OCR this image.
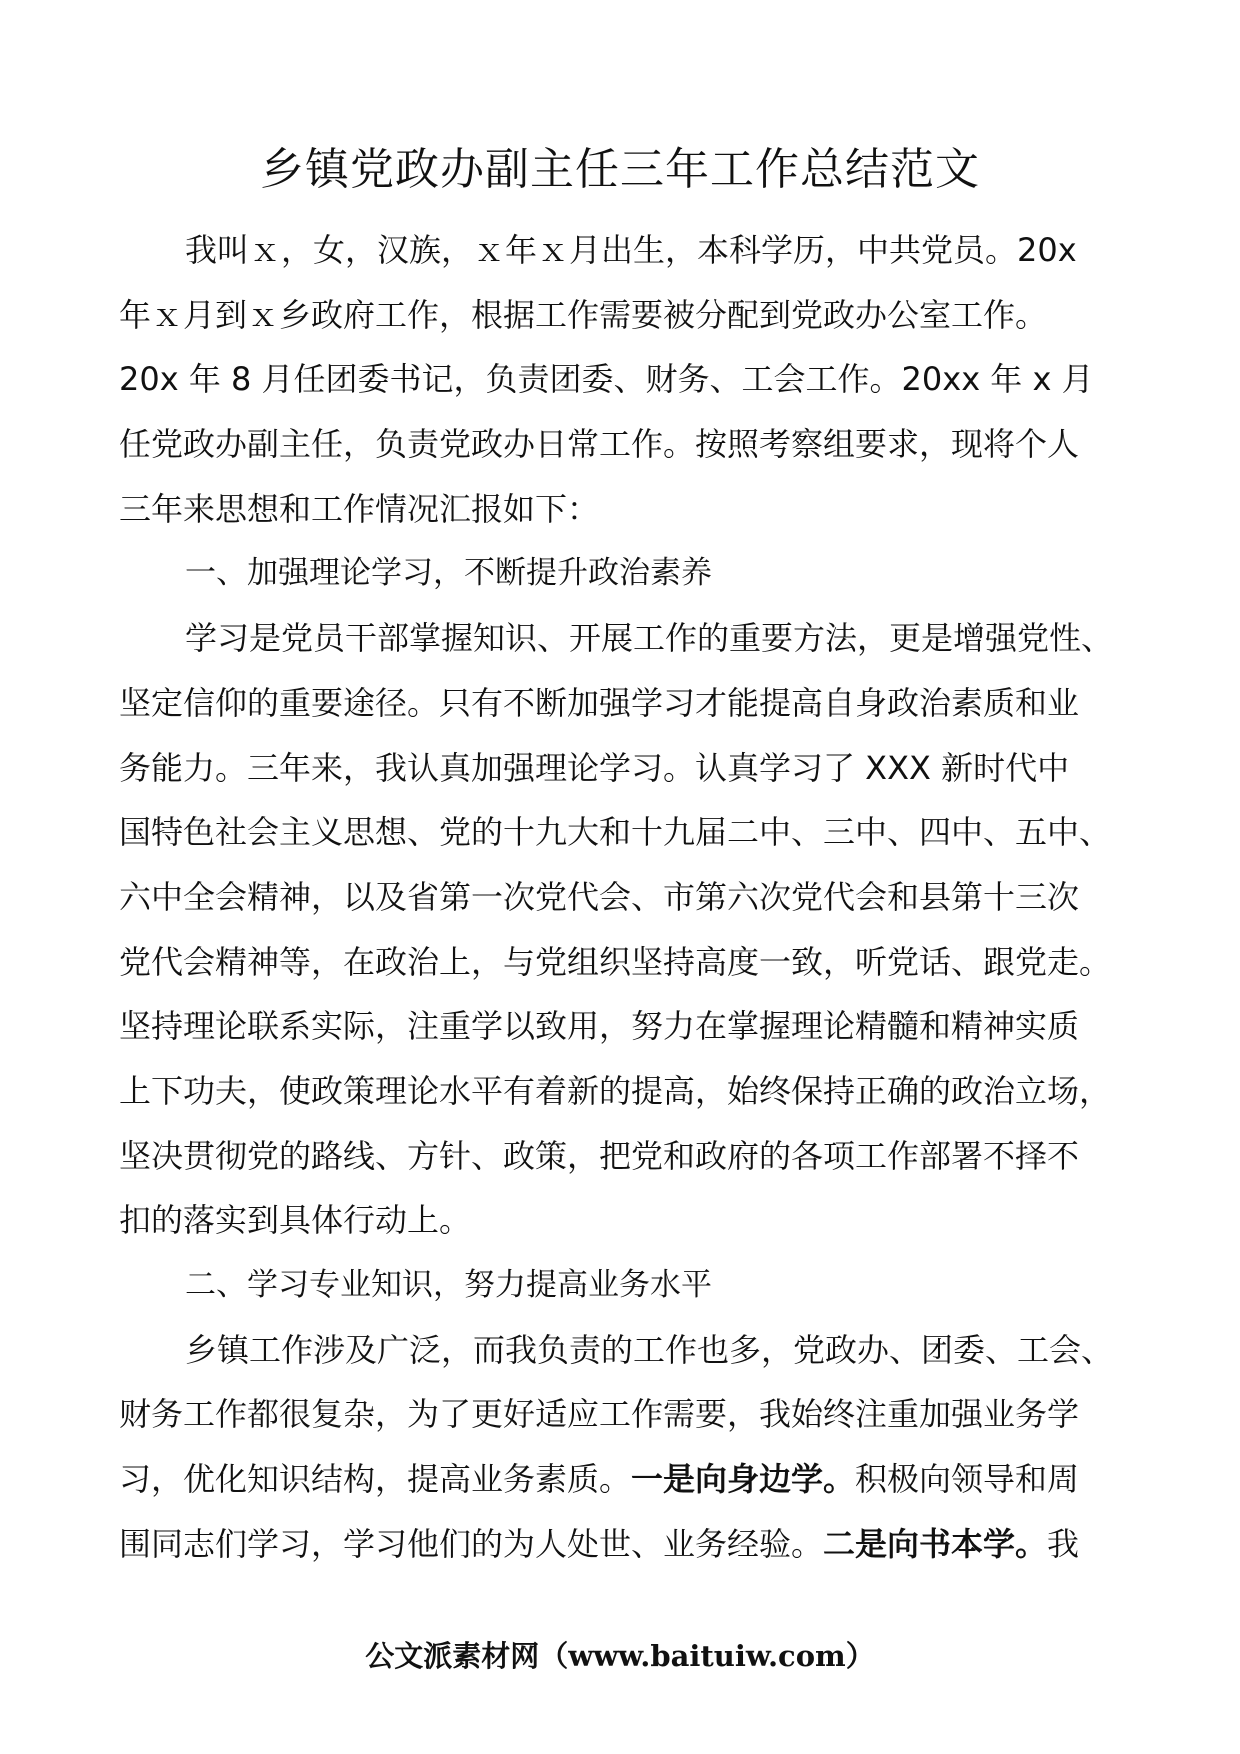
乡镇党政办副主任三年工作总结范文
我叫ｘ，女，汉族，ｘ年ｘ月出生，本科学历，中共党员。20x
年ｘ月到ｘ乡政府工作，根据工作需要被分配到党政办公室工作。
20x 年 8 月任团委书记，负责团委、财务、工会工作。20xx 年 x 月
任党政办副主任，负责党政办日常工作。按照考察组要求，现将个人
三年来思想和工作情况汇报如下：
一、加强理论学习，不断提升政治素养
学习是党员干部掌握知识、开展工作的重要方法，更是增强党性、
坚定信仰的重要途径。只有不断加强学习才能提高自身政治素质和业
务能力。三年来，我认真加强理论学习。认真学习了 XXX 新时代中
国特色社会主义思想、党的十九大和十九届二中、三中、四中、五中、
六中全会精神，以及省第一次党代会、市第六次党代会和县第十三次
党代会精神等，在政治上，与党组织坚持高度一致，听党话、跟党走。
坚持理论联系实际，注重学以致用，努力在掌握理论精髓和精神实质
上下功夫，使政策理论水平有着新的提高，始终保持正确的政治立场，
坚决贯彻党的路线、方针、政策，把党和政府的各项工作部署不择不
扣的落实到具体行动上。
二、学习专业知识，努力提高业务水平
乡镇工作涉及广泛，而我负责的工作也多，党政办、团委、工会、
财务工作都很复杂，为了更好适应工作需要，我始终注重加强业务学
习，优化知识结构，提高业务素质。一是向身边学。积极向领导和周
围同志们学习，学习他们的为人处世、业务经验。二是向书本学。我
公文派素材网（www.baituiw.com）
